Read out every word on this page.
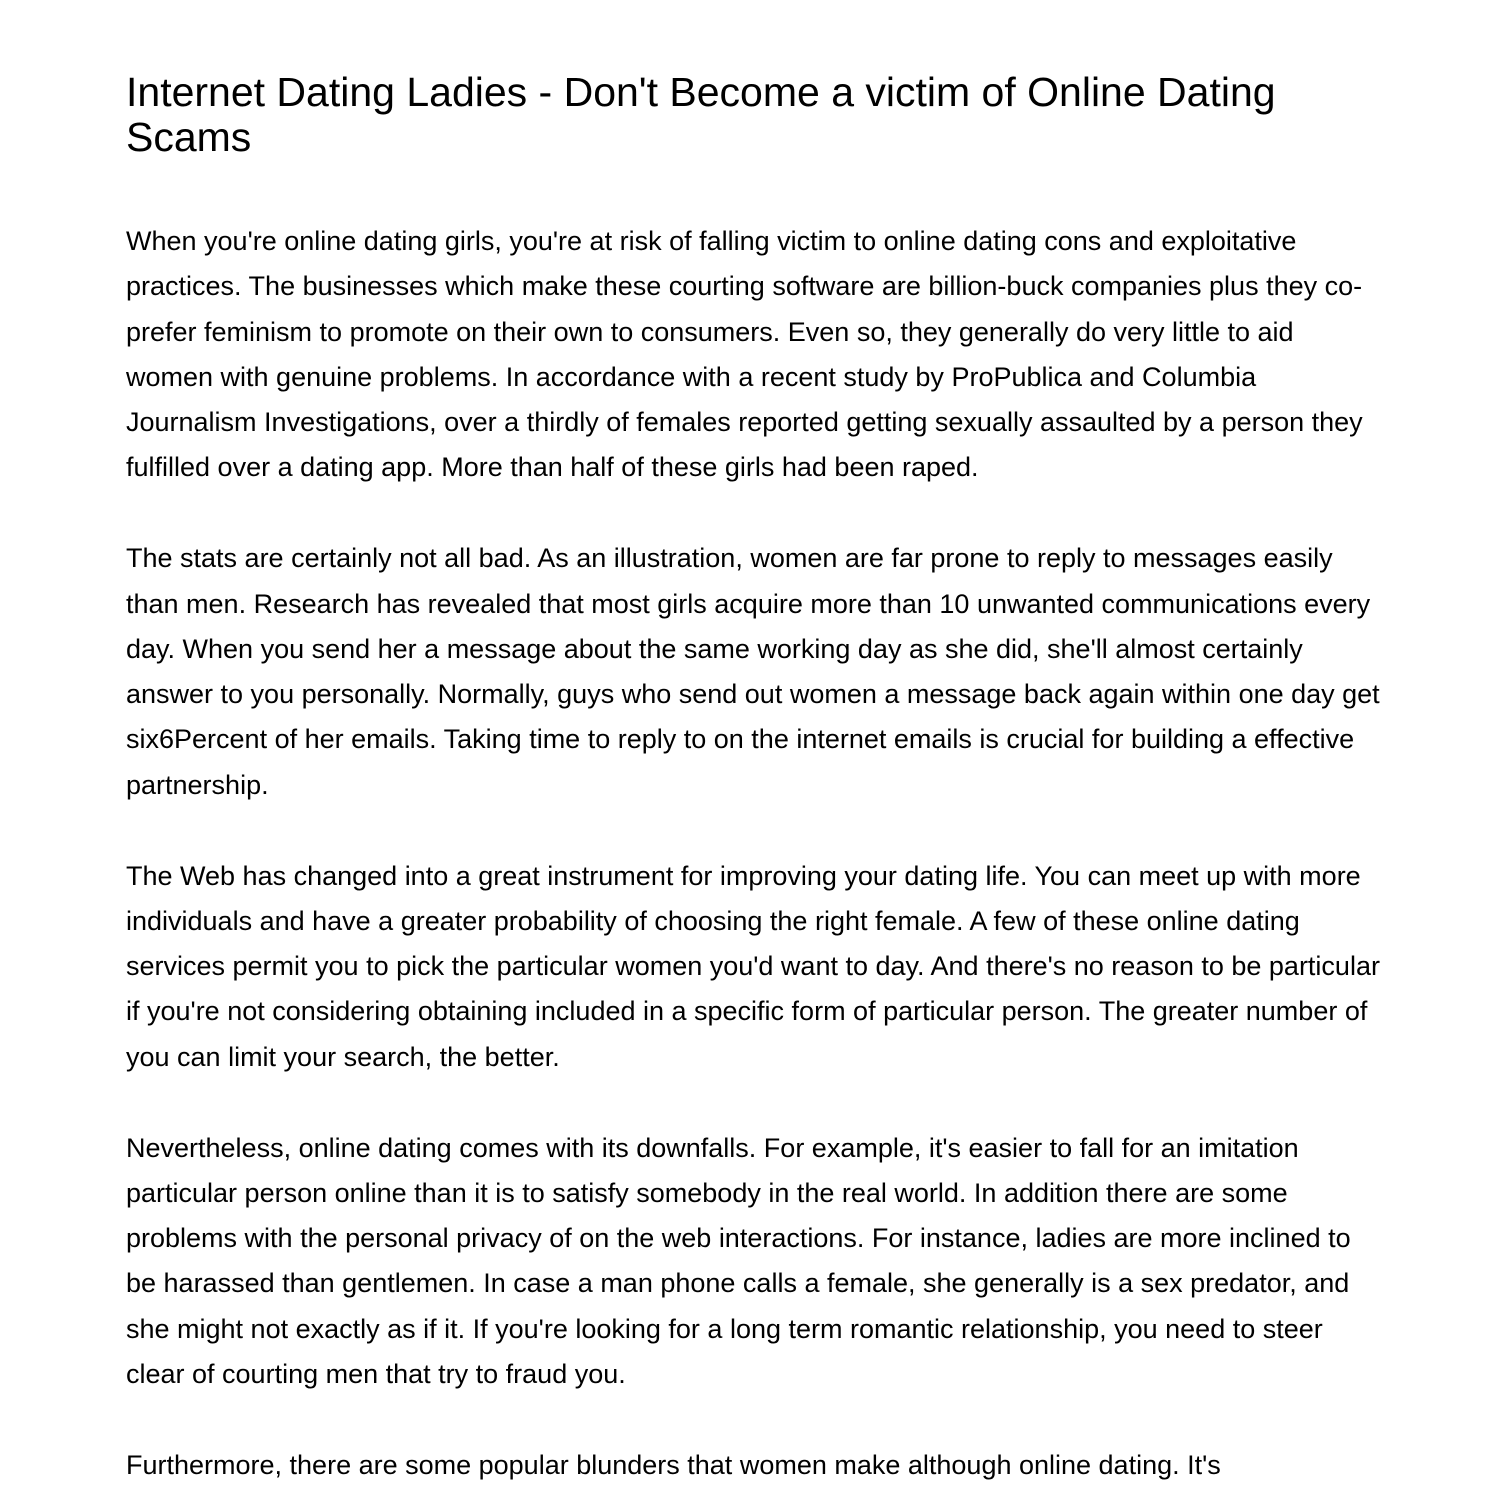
Internet Dating Ladies - Don't Become a victim of Online Dating Scams

When you're online dating girls, you're at risk of falling victim to online dating cons and exploitative practices. The businesses which make these courting software are billion-buck companies plus they co-prefer feminism to promote on their own to consumers. Even so, they generally do very little to aid women with genuine problems. In accordance with a recent study by ProPublica and Columbia Journalism Investigations, over a thirdly of females reported getting sexually assaulted by a person they fulfilled over a dating app. More than half of these girls had been raped.

The stats are certainly not all bad. As an illustration, women are far prone to reply to messages easily than men. Research has revealed that most girls acquire more than 10 unwanted communications every day. When you send her a message about the same working day as she did, she'll almost certainly answer to you personally. Normally, guys who send out women a message back again within one day get six6Percent of her emails. Taking time to reply to on the internet emails is crucial for building a effective partnership.

The Web has changed into a great instrument for improving your dating life. You can meet up with more individuals and have a greater probability of choosing the right female. A few of these online dating services permit you to pick the particular women you'd want to day. And there's no reason to be particular if you're not considering obtaining included in a specific form of particular person. The greater number of you can limit your search, the better.

Nevertheless, online dating comes with its downfalls. For example, it's easier to fall for an imitation particular person online than it is to satisfy somebody in the real world. In addition there are some problems with the personal privacy of on the web interactions. For instance, ladies are more inclined to be harassed than gentlemen. In case a man phone calls a female, she generally is a sex predator, and she might not exactly as if it. If you're looking for a long term romantic relationship, you need to steer clear of courting men that try to fraud you.

Furthermore, there are some popular blunders that women make although online dating. It's
